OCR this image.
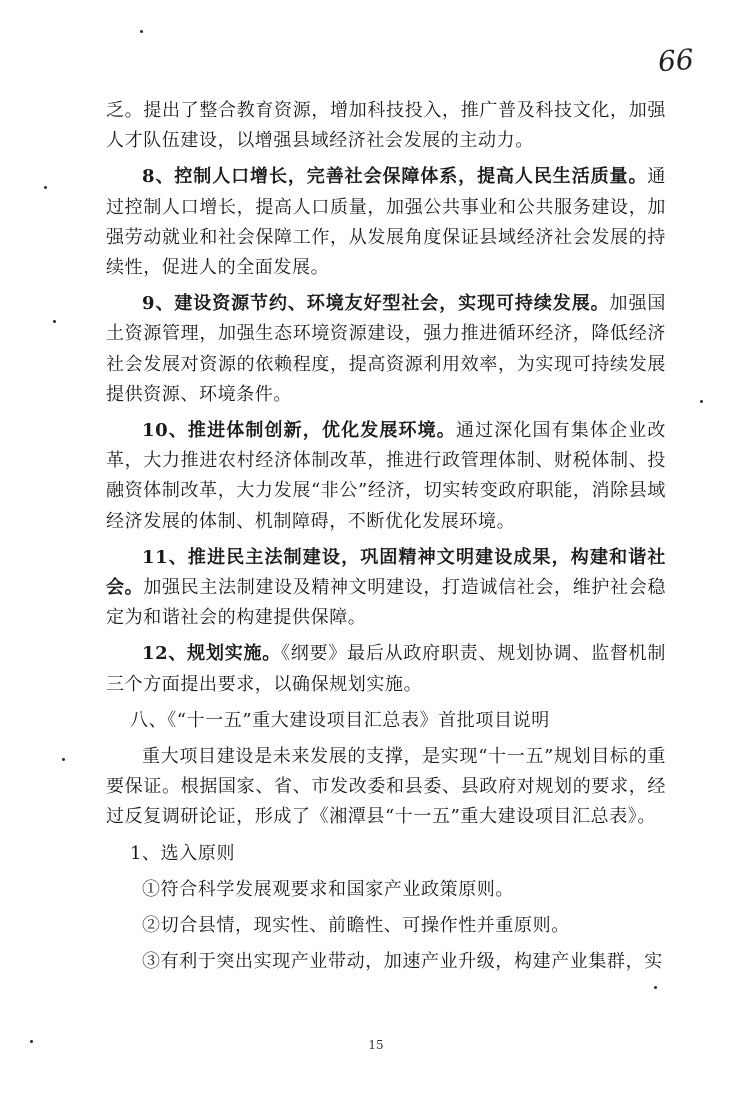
66

乏。提出了整合教育资源，增加科技投入，推广普及科技文化，加强人才队伍建设，以增强县域经济社会发展的主动力。

8、控制人口增长，完善社会保障体系，提高人民生活质量。通过控制人口增长，提高人口质量，加强公共事业和公共服务建设，加强劳动就业和社会保障工作，从发展角度保证县域经济社会发展的持续性，促进人的全面发展。

9、建设资源节约、环境友好型社会，实现可持续发展。加强国土资源管理，加强生态环境资源建设，强力推进循环经济，降低经济社会发展对资源的依赖程度，提高资源利用效率，为实现可持续发展提供资源、环境条件。

10、推进体制创新，优化发展环境。通过深化国有集体企业改革，大力推进农村经济体制改革，推进行政管理体制、财税体制、投融资体制改革，大力发展“非公”经济，切实转变政府职能，消除县域经济发展的体制、机制障碍，不断优化发展环境。

11、推进民主法制建设，巩固精神文明建设成果，构建和谐社会。加强民主法制建设及精神文明建设，打造诚信社会，维护社会稳定为和谐社会的构建提供保障。

12、规划实施。《纲要》最后从政府职责、规划协调、监督机制三个方面提出要求，以确保规划实施。

八、《“十一五”重大建设项目汇总表》首批项目说明

重大项目建设是未来发展的支撑，是实现“十一五”规划目标的重要保证。根据国家、省、市发改委和县委、县政府对规划的要求，经过反复调研论证，形成了《湘潭县“十一五”重大建设项目汇总表》。

1、选入原则

①符合科学发展观要求和国家产业政策原则。

②切合县情，现实性、前瞻性、可操作性并重原则。

③有利于突出实现产业带动，加速产业升级，构建产业集群，实

15
